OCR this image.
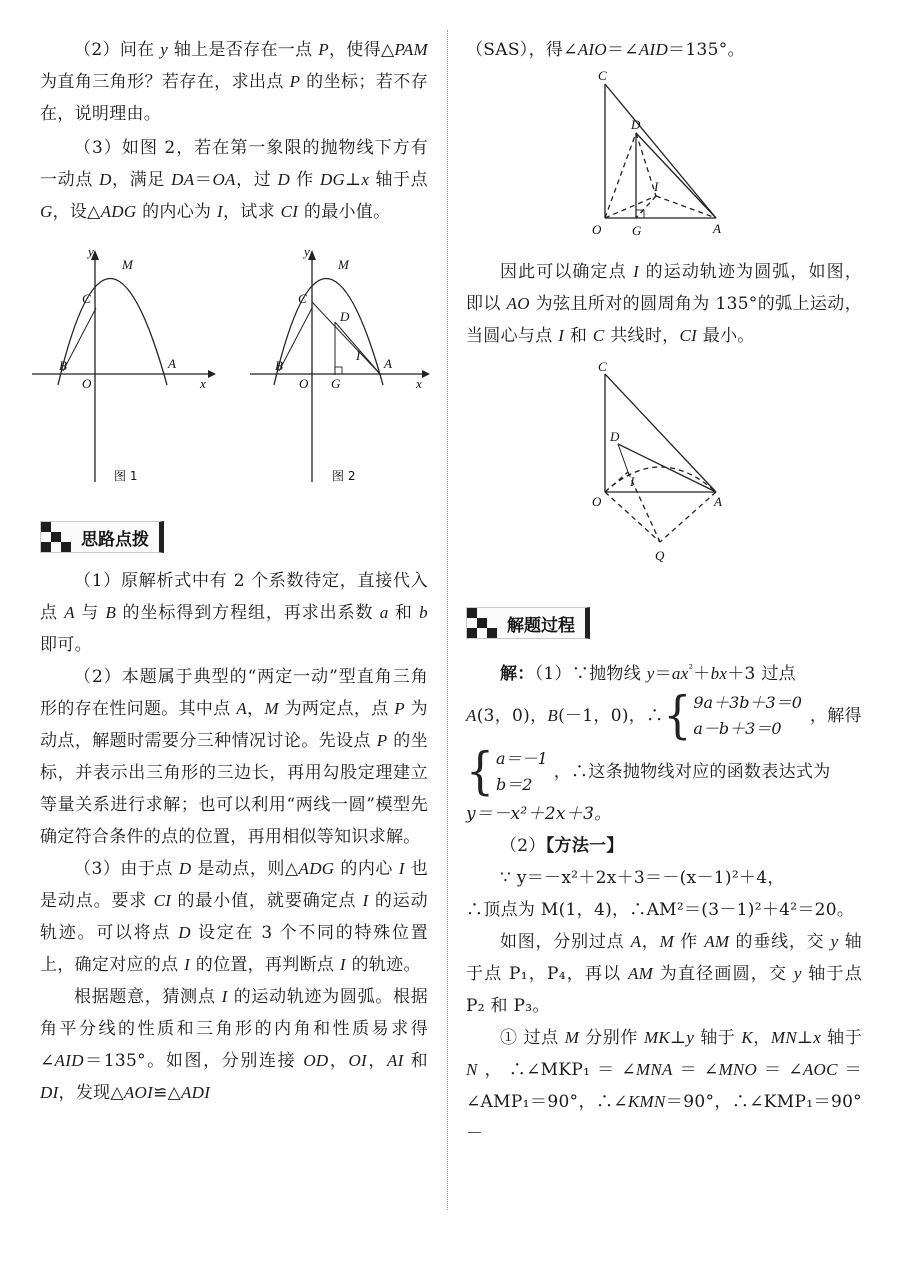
（2）问在 y 轴上是否存在一点 P，使得△PAM 为直角三角形？若存在，求出点 P 的坐标；若不存在，说明理由。

（3）如图 2，若在第一象限的抛物线下方有一动点 D，满足 DA＝OA，过 D 作 DG⊥x 轴于点 G，设△ADG 的内心为 I，试求 CI 的最小值。

y
M
C
B
O
A
x
图 1
y
M
C
B
O
A
x
D
I
G
图 2
思路点拨

（1）原解析式中有 2 个系数待定，直接代入点 A 与 B 的坐标得到方程组，再求出系数 a 和 b 即可。

（2）本题属于典型的“两定一动”型直角三角形的存在性问题。其中点 A，M 为两定点，点 P 为动点，解题时需要分三种情况讨论。先设点 P 的坐标，并表示出三角形的三边长，再用勾股定理建立等量关系进行求解；也可以利用“两线一圆”模型先确定符合条件的点的位置，再用相似等知识求解。

（3）由于点 D 是动点，则△ADG 的内心 I 也是动点。要求 CI 的最小值，就要确定点 I 的运动轨迹。可以将点 D 设定在 3 个不同的特殊位置上，确定对应的点 I 的位置，再判断点 I 的轨迹。

根据题意，猜测点 I 的运动轨迹为圆弧。根据角平分线的性质和三角形的内角和性质易求得∠AID＝135°。如图，分别连接 OD，OI，AI 和 DI，发现△AOI≌△ADI

（SAS），得∠AIO＝∠AID＝135°。

C
D
I
O G	A

因此可以确定点 I 的运动轨迹为圆弧，如图，即以 AO 为弦且所对的圆周角为 135°的弧上运动，当圆心与点 I 和 C 共线时，CI 最小。

C
D
I
O	A
Q
解题过程

解：（1）∵抛物线 $y=ax^{^2}+bx+3$ 过点

A(3，0)，B(－1，0)，∴ { 9a＋3b＋3＝0
a－b＋3＝0

，解得

{ a＝－1
b＝2

，∴这条抛物线对应的函数表达式为

y＝－x²＋2x＋3。

（2）【方法一】

∵ y＝－x²＋2x＋3＝－(x－1)²＋4，

∴顶点为 M(1，4)，∴AM²＝(3－1)²＋4²＝20。

如图，分别过点 A，M 作 AM 的垂线，交 y 轴于点 P₁，P₄，再以 AM 为直径画圆，交 y 轴于点 P₂ 和 P₃。

① 过点 M 分别作 MK⊥y 轴于 K，MN⊥x 轴于 N，∴∠MKP₁＝∠MNA＝∠MNO＝∠AOC＝∠AMP₁＝90°，∴∠KMN＝90°，∴∠KMP₁＝90°－
